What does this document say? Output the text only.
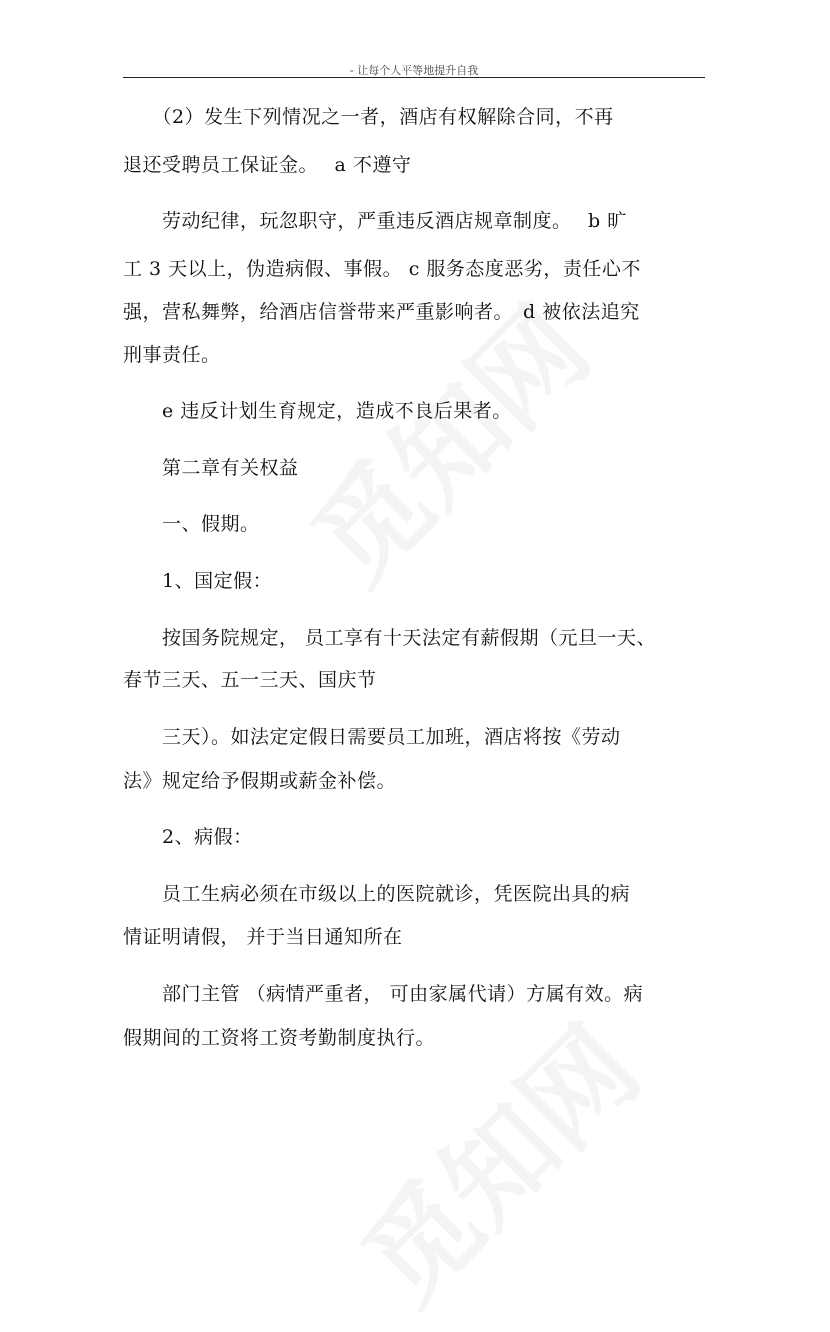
- 让每个人平等地提升自我
　　（2）发生下列情况之一者，酒店有权解除合同，不再
退还受聘员工保证金。　 a 不遵守
　　劳动纪律，玩忽职守，严重违反酒店规章制度。　 b 旷
工 3 天以上，伪造病假、事假。 c 服务态度恶劣，责任心不
强，营私舞弊，给酒店信誉带来严重影响者。　d 被依法追究
刑事责任。
　　e 违反计划生育规定，造成不良后果者。
　　第二章有关权益
　　一、假期。
　　1、国定假：
　　按国务院规定， 员工享有十天法定有薪假期（元旦一天、
春节三天、五一三天、国庆节
　　三天）。如法定定假日需要员工加班，酒店将按《劳动
法》规定给予假期或薪金补偿。
　　2、病假：
　　员工生病必须在市级以上的医院就诊，凭医院出具的病
情证明请假， 并于当日通知所在
　　部门主管 （病情严重者， 可由家属代请）方属有效。病
假期间的工资将工资考勤制度执行。
